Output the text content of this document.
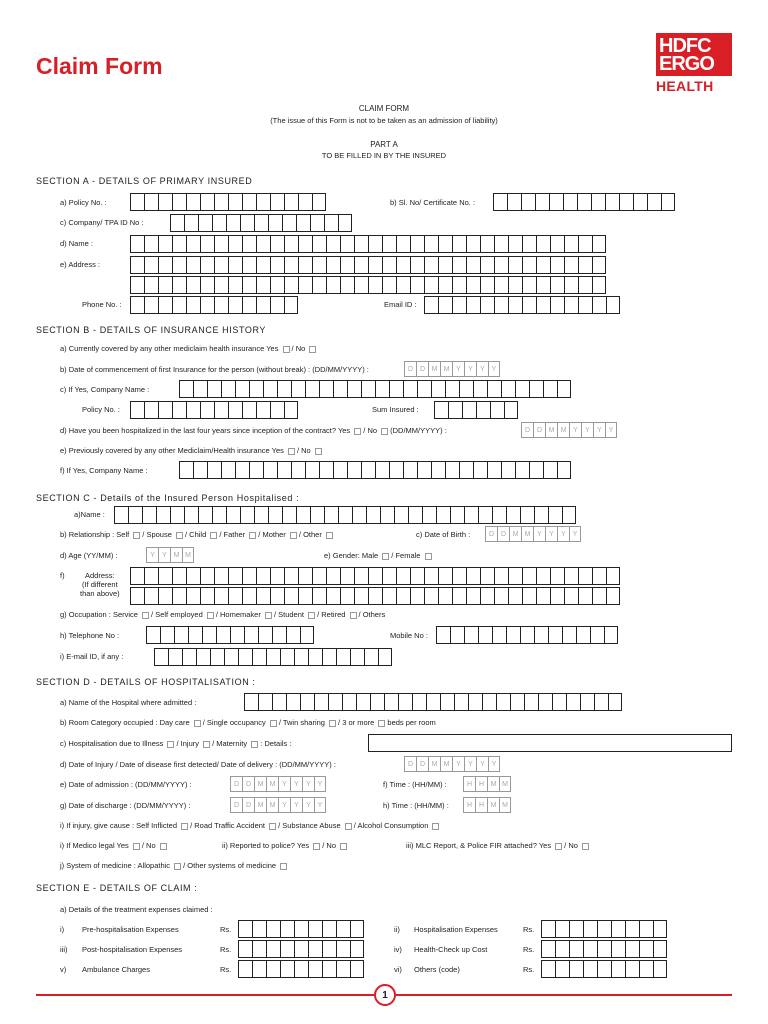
Claim Form
HDFC
ERGO
HEALTH
CLAIM FORM
(The issue of this Form is not to be taken as an admission of liability)
PART A
TO BE FILLED IN BY THE INSURED
SECTION A - DETAILS OF PRIMARY INSURED
a) Policy No. :	b) Sl. No/ Certificate No. :
c) Company/ TPA ID No :
d) Name :
e) Address :
Phone No. :	Email ID :
SECTION B - DETAILS OF INSURANCE HISTORY
a) Currently covered by any other mediclaim health insurance Yes / No
b) Date of commencement of first Insurance for the person (without break) : (DD/MM/YYYY) :	D D M M Y	Y	Y Y
c) If Yes, Company Name :
Policy No. :	Sum Insured :
d) Have you been hospitalized in the last four years since inception of the contract? Yes / No (DD/MM/YYYY) :	D D M M Y	Y	Y Y
e) Previously covered by any other Mediclaim/Health insurance Yes / No
f) If Yes, Company Name :
SECTION C - Details of the Insured Person Hospitalised :
a)Name :
b) Relationship : Self / Spouse / Child / Father / Mother / Other	c) Date of Birth :	D D M M Y	Y	Y Y
d) Age (YY/MM) :	Y	Y M M	e) Gender: Male / Female
f)	Address:
(If different
than above)
g) Occupation : Service / Self employed / Homemaker / Student / Retired / Others
h) Telephone No :	Mobile No :
i) E-mail ID, if any :
SECTION D - DETAILS OF HOSPITALISATION :
a) Name of the Hospital where admitted :
b) Room Category occupied : Day care / Single occupancy / Twin sharing / 3 or more beds per room
c) Hospitalisation due to Illness / Injury / Maternity : Details :
d) Date of Injury / Date of disease first detected/ Date of delivery : (DD/MM/YYYY) :	D D M M Y	Y	Y Y
e) Date of admission : (DD/MM/YYYY) :	D D M M Y	Y	Y Y	f) Time : (HH/MM) :	H H M M
g) Date of discharge : (DD/MM/YYYY) :	D D M M Y	Y	Y Y	h) Time : (HH/MM) :	H H M M
i) If injury, give cause : Self Inflicted / Road Traffic Accident / Substance Abuse / Alcohol Consumption
i) If Medico legal Yes / No	ii) Reported to police? Yes / No	iii) MLC Report, & Police FIR attached? Yes / No
j) System of medicine : Allopathic / Other systems of medicine
SECTION E - DETAILS OF CLAIM :
a) Details of the treatment expenses claimed :
i) Pre-hospitalisation Expenses	Rs.	ii) Hospitalisation Expenses	Rs.
iii) Post-hospitalisation Expenses	Rs.	iv) Health-Check up Cost	Rs.
v) Ambulance Charges	Rs.	vi) Others (code)	Rs.
1
